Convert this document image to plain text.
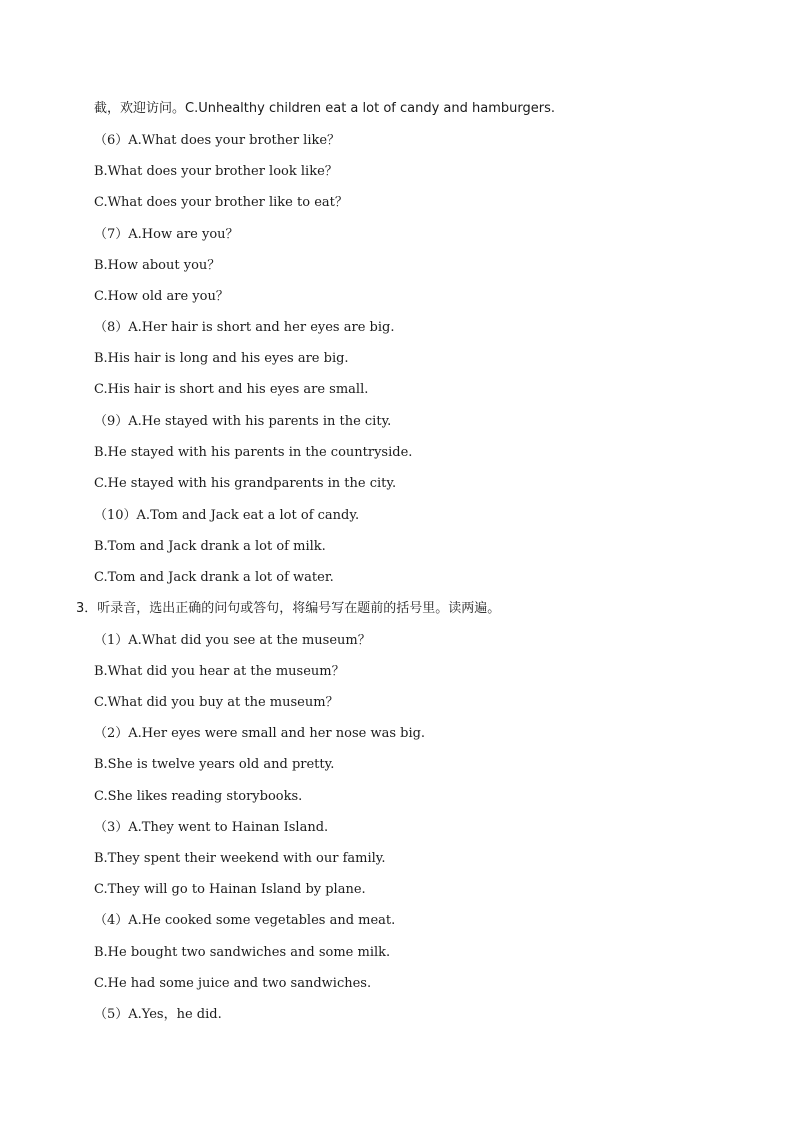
截，欢迎访问。C.Unhealthy children eat a lot of candy and hamburgers.
（6）A.What does your brother like？
B.What does your brother look like？
C.What does your brother like to eat？
（7）A.How are you？
B.How about you？
C.How old are you？
（8）A.Her hair is short and her eyes are big.
B.His hair is long and his eyes are big.
C.His hair is short and his eyes are small.
（9）A.He stayed with his parents in the city.
B.He stayed with his parents in the countryside.
C.He stayed with his grandparents in the city.
（10）A.Tom and Jack eat a lot of candy.
B.Tom and Jack drank a lot of milk.
C.Tom and Jack drank a lot of water.
3．听录音，选出正确的问句或答句，将编号写在题前的括号里。读两遍。
（1）A.What did you see at the museum？
B.What did you hear at the museum？
C.What did you buy at the museum？
（2）A.Her eyes were small and her nose was big.
B.She is twelve years old and pretty.
C.She likes reading storybooks.
（3）A.They went to Hainan Island.
B.They spent their weekend with our family.
C.They will go to Hainan Island by plane.
（4）A.He cooked some vegetables and meat.
B.He bought two sandwiches and some milk.
C.He had some juice and two sandwiches.
（5）A.Yes，he did.
